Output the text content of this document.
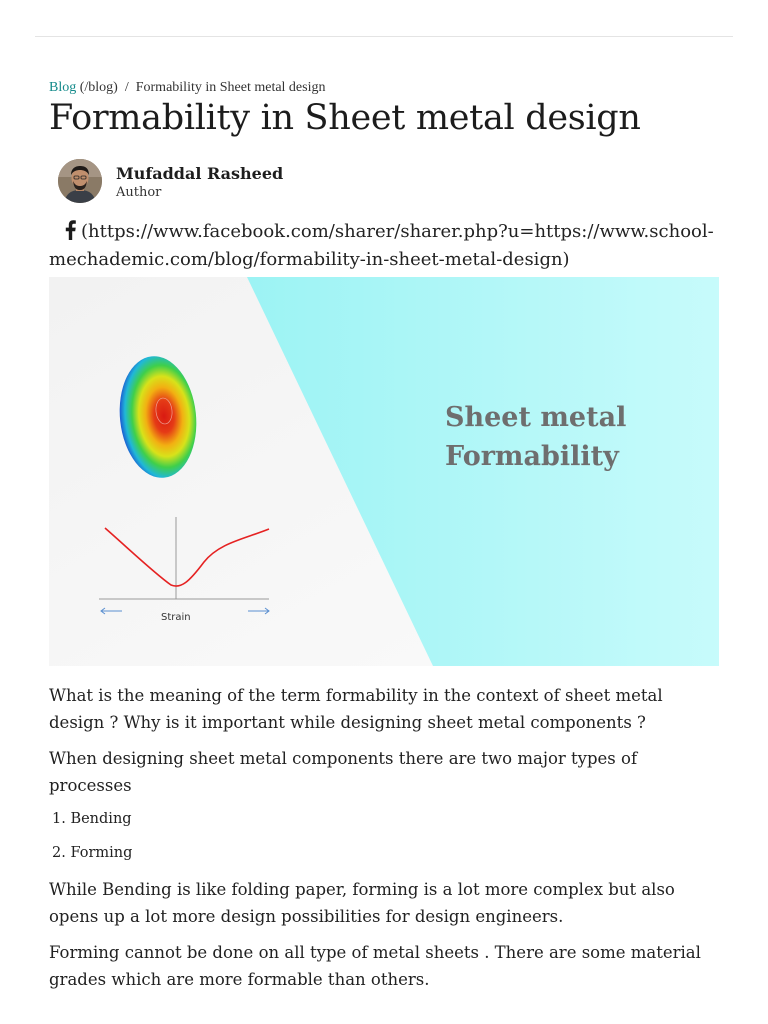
Blog (/blog) / Formability in Sheet metal design
Formability in Sheet metal design
Mufaddal Rasheed
Author
(https://www.facebook.com/sharer/sharer.php?u=https://www.school-mechademic.com/blog/formability-in-sheet-metal-design)
Strain
Sheet metal
Formability

What is the meaning of the term formability in the context of sheet metal design ? Why is it important while designing sheet metal components ?

When designing sheet metal components there are two major types of processes

1. Bending
2. Forming

While Bending is like folding paper, forming is a lot more complex but also opens up a lot more design possibilities for design engineers.

Forming cannot be done on all type of metal sheets . There are some material grades which are more formable than others.
